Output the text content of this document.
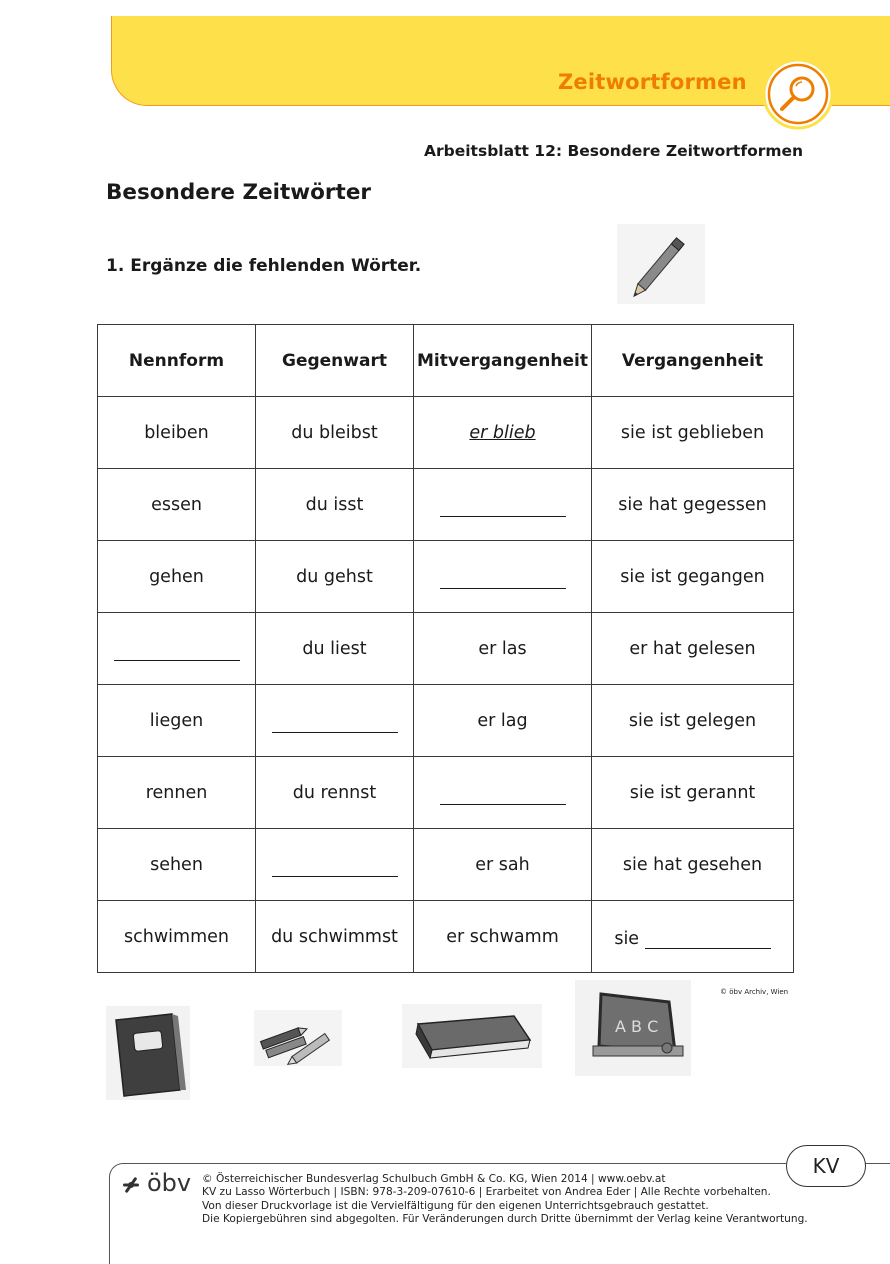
Zeitwortformen
Arbeitsblatt 12: Besondere Zeitwortformen
Besondere Zeitwörter
1. Ergänze die fehlenden Wörter.
Nennform	Gegenwart	Mitvergangenheit	Vergangenheit
bleiben	du bleibst	er blieb	sie ist geblieben
essen	du isst		sie hat gegessen
gehen	du gehst		sie ist gegangen
	du liest	er las	er hat gelesen
liegen		er lag	sie ist gelegen
rennen	du rennst		sie ist gerannt
sehen		er sah	sie hat gesehen
schwimmen	du schwimmst	er schwamm	sie
© öbv Archiv, Wien
A B C
KV
öbv © Österreichischer Bundesverlag Schulbuch GmbH & Co. KG, Wien 2014 | www.oebv.at
KV zu Lasso Wörterbuch | ISBN: 978-3-209-07610-6 | Erarbeitet von Andrea Eder | Alle Rechte vorbehalten.
Von dieser Druckvorlage ist die Vervielfältigung für den eigenen Unterrichtsgebrauch gestattet.
Die Kopiergebühren sind abgegolten. Für Veränderungen durch Dritte übernimmt der Verlag keine Verantwortung.
